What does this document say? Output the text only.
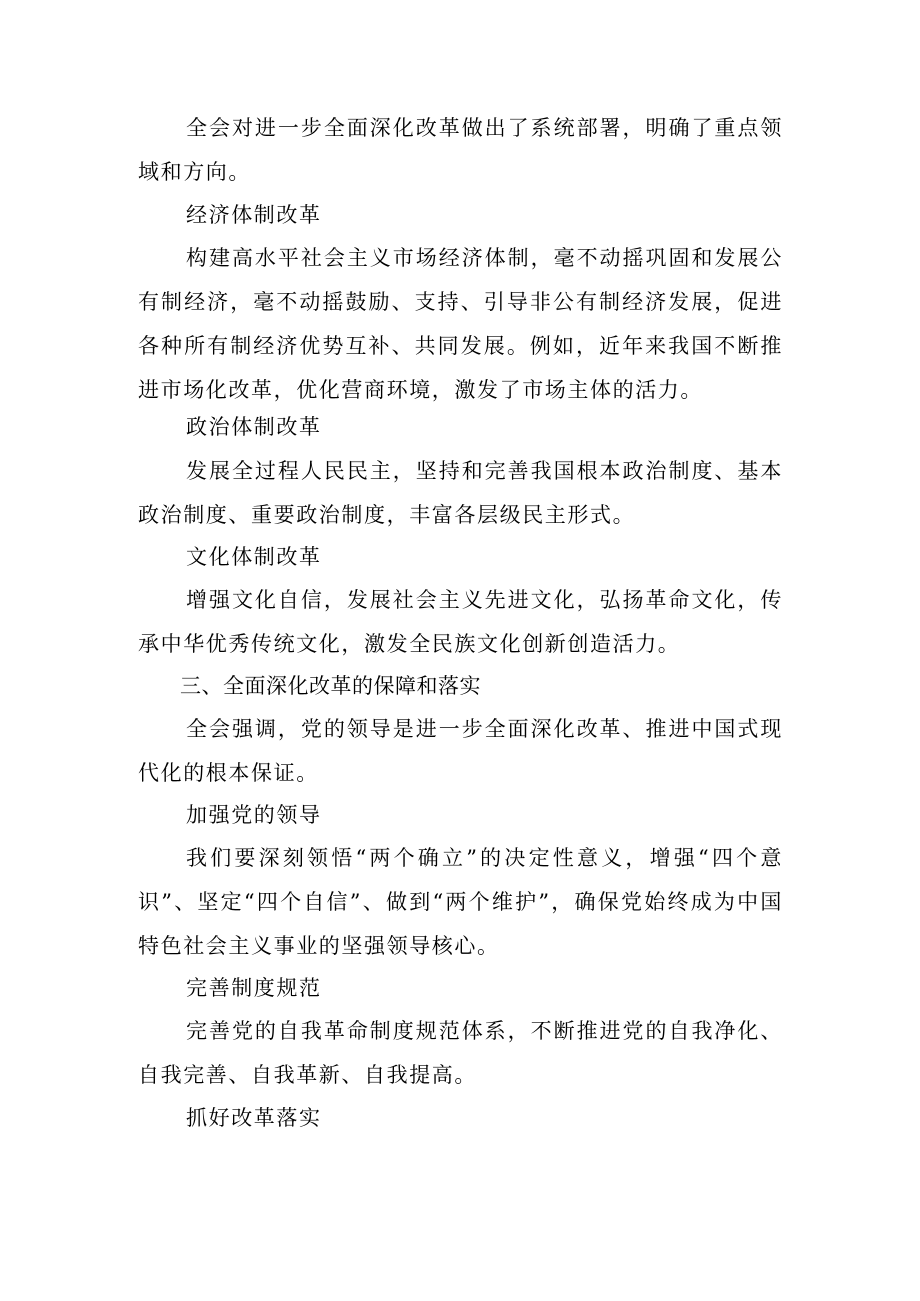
全会对进一步全面深化改革做出了系统部署，明确了重点领域和方向。

经济体制改革

构建高水平社会主义市场经济体制，毫不动摇巩固和发展公有制经济，毫不动摇鼓励、支持、引导非公有制经济发展，促进各种所有制经济优势互补、共同发展。例如，近年来我国不断推进市场化改革，优化营商环境，激发了市场主体的活力。

政治体制改革

发展全过程人民民主，坚持和完善我国根本政治制度、基本政治制度、重要政治制度，丰富各层级民主形式。

文化体制改革

增强文化自信，发展社会主义先进文化，弘扬革命文化，传承中华优秀传统文化，激发全民族文化创新创造活力。

三、全面深化改革的保障和落实

全会强调，党的领导是进一步全面深化改革、推进中国式现代化的根本保证。

加强党的领导

我们要深刻领悟“两个确立”的决定性意义，增强“四个意识”、坚定“四个自信”、做到“两个维护”，确保党始终成为中国特色社会主义事业的坚强领导核心。

完善制度规范

完善党的自我革命制度规范体系，不断推进党的自我净化、自我完善、自我革新、自我提高。

抓好改革落实
